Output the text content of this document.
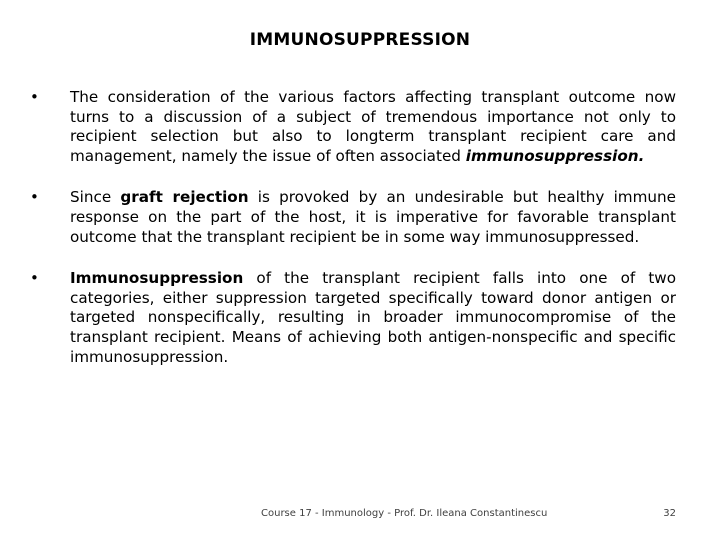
IMMUNOSUPPRESSION
•	The consideration of the various factors affecting transplant outcome now turns to a discussion of a subject of tremendous importance not only to recipient selection but also to longterm transplant recipient care and management, namely the issue of often associated immunosuppression.
•	Since graft rejection is provoked by an undesirable but healthy immune response on the part of the host, it is imperative for favorable transplant outcome that the transplant recipient be in some way immunosuppressed.
•	Immunosuppression of the transplant recipient falls into one of two categories, either suppression targeted specifically toward donor antigen or targeted nonspecifically, resulting in broader immunocompromise of the transplant recipient. Means of achieving both antigen-nonspecific and specific immunosuppression.
Course 17 - Immunology - Prof. Dr. Ileana Constantinescu	32
